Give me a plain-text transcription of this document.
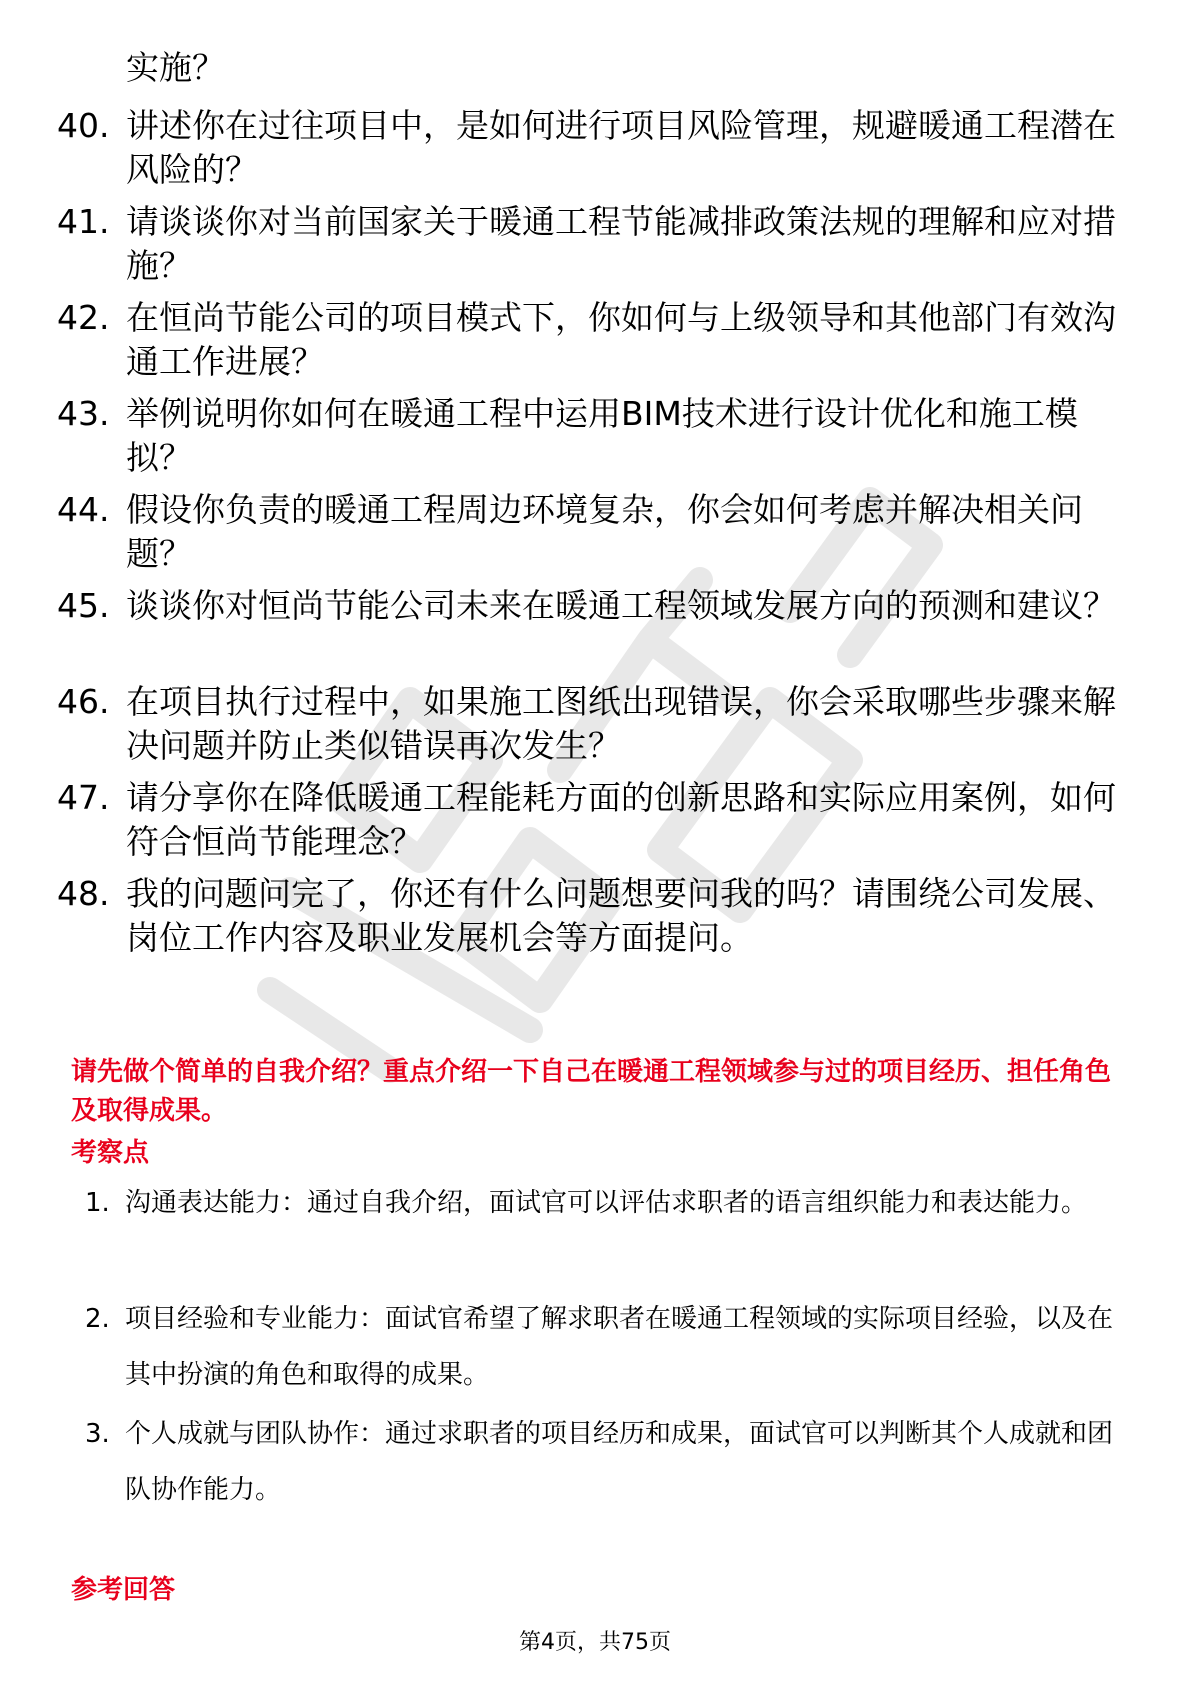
实施？
40. 讲述你在过往项目中，是如何进行项目风险管理，规避暖通工程潜在风险的？
41. 请谈谈你对当前国家关于暖通工程节能减排政策法规的理解和应对措施？
42. 在恒尚节能公司的项目模式下，你如何与上级领导和其他部门有效沟通工作进展？
43. 举例说明你如何在暖通工程中运用BIM技术进行设计优化和施工模拟？
44. 假设你负责的暖通工程周边环境复杂，你会如何考虑并解决相关问题？
45. 谈谈你对恒尚节能公司未来在暖通工程领域发展方向的预测和建议？
46. 在项目执行过程中，如果施工图纸出现错误，你会采取哪些步骤来解决问题并防止类似错误再次发生？
47. 请分享你在降低暖通工程能耗方面的创新思路和实际应用案例，如何符合恒尚节能理念？
48. 我的问题问完了，你还有什么问题想要问我的吗？请围绕公司发展、岗位工作内容及职业发展机会等方面提问。
请先做个简单的自我介绍？重点介绍一下自己在暖通工程领域参与过的项目经历、担任角色及取得成果。
考察点
1. 沟通表达能力：通过自我介绍，面试官可以评估求职者的语言组织能力和表达能力。
2. 项目经验和专业能力：面试官希望了解求职者在暖通工程领域的实际项目经验，以及在其中扮演的角色和取得的成果。
3. 个人成就与团队协作：通过求职者的项目经历和成果，面试官可以判断其个人成就和团队协作能力。
参考回答
第4页，共75页
